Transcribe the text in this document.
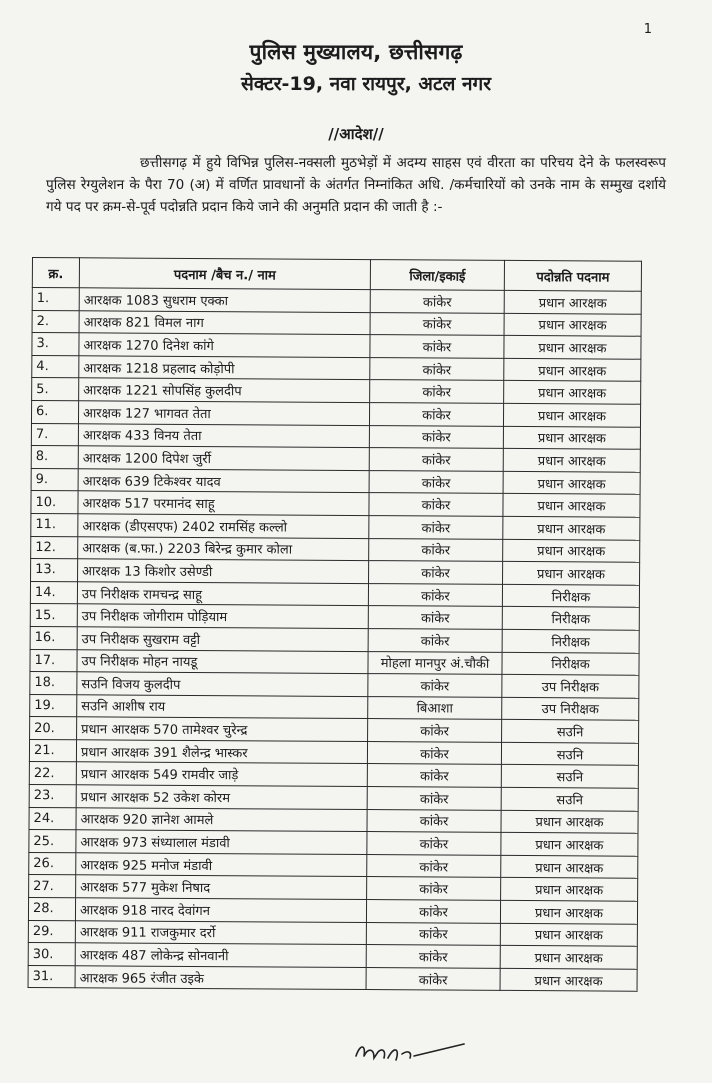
1
पुलिस मुख्यालय, छत्तीसगढ़
सेक्टर-19, नवा रायपुर, अटल नगर
//आदेश//
छत्तीसगढ़ में हुये विभिन्न पुलिस-नक्सली मुठभेड़ों में अदम्य साहस एवं वीरता का परिचय देने के फलस्वरूप पुलिस रेग्युलेशन के पैरा 70 (अ) में वर्णित प्रावधानों के अंतर्गत निम्नांकित अधि. /कर्मचारियों को उनके नाम के सम्मुख दर्शाये गये पद पर क्रम-से-पूर्व पदोन्नति प्रदान किये जाने की अनुमति प्रदान की जाती है :-
क्र.	पदनाम /बैच न./ नाम	जिला/इकाई	पदोन्नति पदनाम
1.	आरक्षक 1083 सुधराम एक्का	कांकेर	प्रधान आरक्षक
2.	आरक्षक 821 विमल नाग	कांकेर	प्रधान आरक्षक
3.	आरक्षक 1270 दिनेश कांगे	कांकेर	प्रधान आरक्षक
4.	आरक्षक 1218 प्रहलाद कोड़ोपी	कांकेर	प्रधान आरक्षक
5.	आरक्षक 1221 सोपसिंह कुलदीप	कांकेर	प्रधान आरक्षक
6.	आरक्षक 127 भागवत तेता	कांकेर	प्रधान आरक्षक
7.	आरक्षक 433 विनय तेता	कांकेर	प्रधान आरक्षक
8.	आरक्षक 1200 दिपेश जुर्री	कांकेर	प्रधान आरक्षक
9.	आरक्षक 639 टिकेश्वर यादव	कांकेर	प्रधान आरक्षक
10.	आरक्षक 517 परमानंद साहू	कांकेर	प्रधान आरक्षक
11.	आरक्षक (डीएसएफ) 2402 रामसिंह कल्लो	कांकेर	प्रधान आरक्षक
12.	आरक्षक (ब.फा.) 2203 बिरेन्द्र कुमार कोला	कांकेर	प्रधान आरक्षक
13.	आरक्षक 13 किशोर उसेण्डी	कांकेर	प्रधान आरक्षक
14.	उप निरीक्षक रामचन्द्र साहू	कांकेर	निरीक्षक
15.	उप निरीक्षक जोगीराम पोड़ियाम	कांकेर	निरीक्षक
16.	उप निरीक्षक सुखराम वट्टी	कांकेर	निरीक्षक
17.	उप निरीक्षक मोहन नायडू	मोहला मानपुर अं.चौकी	निरीक्षक
18.	सउनि विजय कुलदीप	कांकेर	उप निरीक्षक
19.	सउनि आशीष राय	बिआशा	उप निरीक्षक
20.	प्रधान आरक्षक 570 तामेश्वर चुरेन्द्र	कांकेर	सउनि
21.	प्रधान आरक्षक 391 शैलेन्द्र भास्कर	कांकेर	सउनि
22.	प्रधान आरक्षक 549 रामवीर जाड़े	कांकेर	सउनि
23.	प्रधान आरक्षक 52 उकेश कोरम	कांकेर	सउनि
24.	आरक्षक 920 ज्ञानेश आमले	कांकेर	प्रधान आरक्षक
25.	आरक्षक 973 संध्यालाल मंडावी	कांकेर	प्रधान आरक्षक
26.	आरक्षक 925 मनोज मंडावी	कांकेर	प्रधान आरक्षक
27.	आरक्षक 577 मुकेश निषाद	कांकेर	प्रधान आरक्षक
28.	आरक्षक 918 नारद देवांगन	कांकेर	प्रधान आरक्षक
29.	आरक्षक 911 राजकुमार दर्रो	कांकेर	प्रधान आरक्षक
30.	आरक्षक 487 लोकेन्द्र सोनवानी	कांकेर	प्रधान आरक्षक
31.	आरक्षक 965 रंजीत उइके	कांकेर	प्रधान आरक्षक
